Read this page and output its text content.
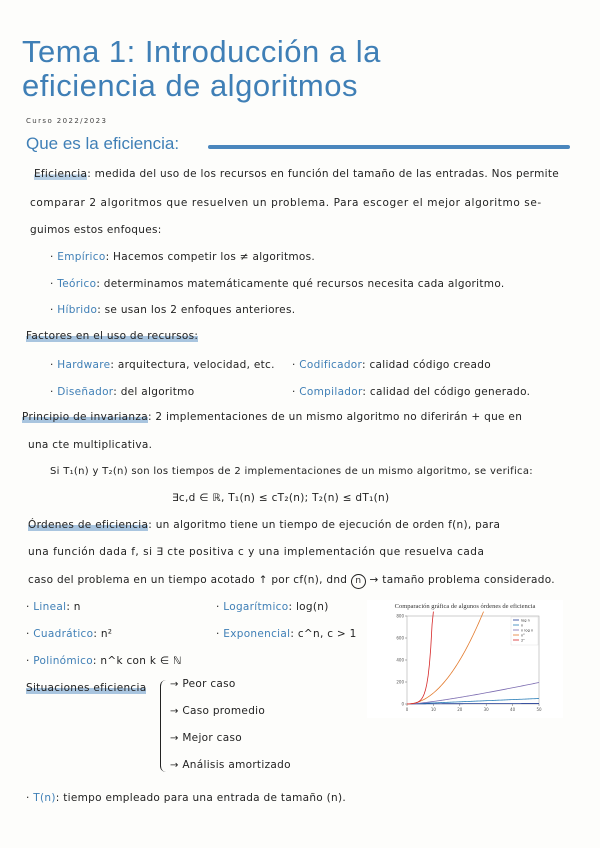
Tema 1: Introducción a la
eficiencia de algoritmos
Curso 2022/2023
Que es la eficiencia:
Eficiencia: medida del uso de los recursos en función del tamaño de las entradas. Nos permite
comparar 2 algoritmos que resuelven un problema. Para escoger el mejor algoritmo se-
guimos estos enfoques:
· Empírico: Hacemos competir los ≠ algoritmos.
· Teórico: determinamos matemáticamente qué recursos necesita cada algoritmo.
· Híbrido: se usan los 2 enfoques anteriores.
Factores en el uso de recursos:
· Hardware: arquitectura, velocidad, etc. · Codificador: calidad código creado
· Diseñador: del algoritmo	· Compilador: calidad del código generado.
Principio de invarianza: 2 implementaciones de un mismo algoritmo no diferirán + que en
una cte multiplicativa.
Si T₁(n) y T₂(n) son los tiempos de 2 implementaciones de un mismo algoritmo, se verifica:
∃c,d ∈ ℝ, T₁(n) ≤ cT₂(n); T₂(n) ≤ dT₁(n)
Órdenes de eficiencia: un algoritmo tiene un tiempo de ejecución de orden f(n), para
una función dada f, si ∃ cte positiva c y una implementación que resuelva cada
caso del problema en un tiempo acotado ↑ por cf(n), dnd n → tamaño problema considerado.
· Lineal: n	· Logarítmico: log(n)
· Cuadrático: n²	· Exponencial: c^n, c > 1
· Polinómico: n^k con k ∈ ℕ
Situaciones eficiencia → Peor caso
→ Caso promedio
→ Mejor caso
→ Análisis amortizado
· T(n): tiempo empleado para una entrada de tamaño (n).
Comparación gráfica de algunos órdenes de eficiencia
0	10	20	30	40	50
0
200
400
600
800
log n
n
n log n
n²
2ⁿ
